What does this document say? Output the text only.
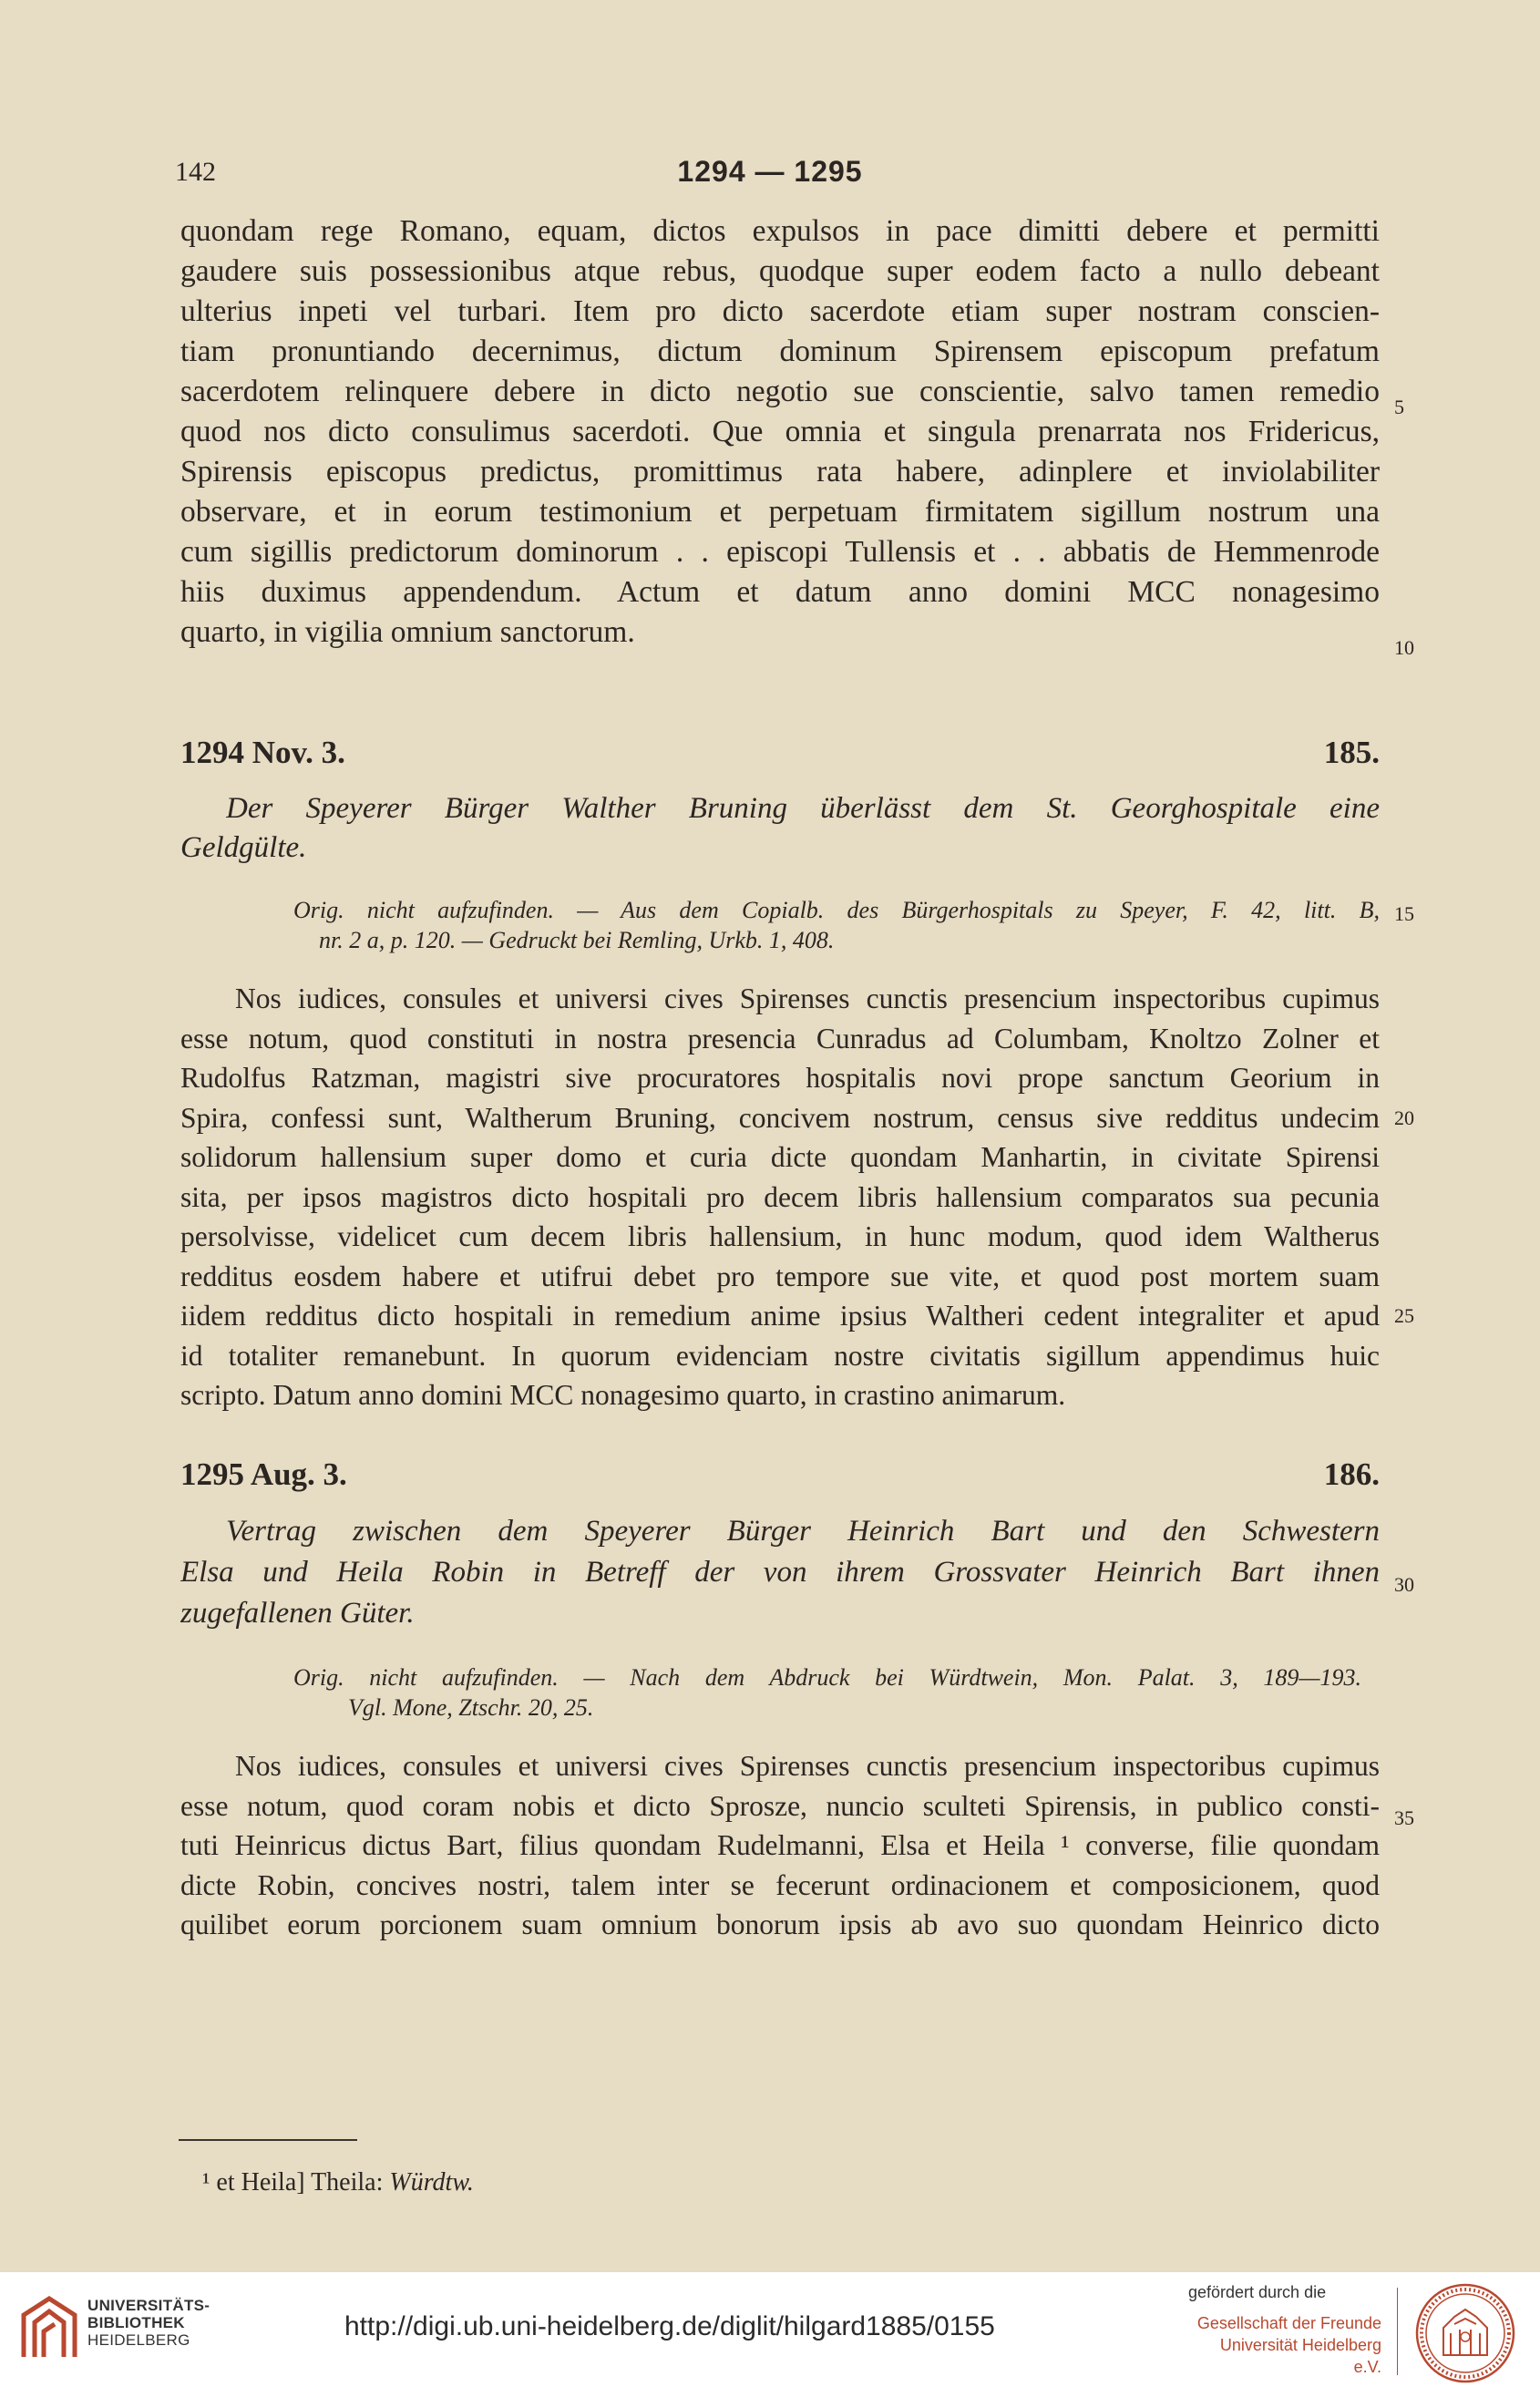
142	1294 — 1295
quondam rege Romano, equam, dictos expulsos in pace dimitti debere et permitti
gaudere suis possessionibus atque rebus, quodque super eodem facto a nullo debeant
ulterius inpeti vel turbari. Item pro dicto sacerdote etiam super nostram conscien-
tiam pronuntiando decernimus, dictum dominum Spirensem episcopum prefatum
sacerdotem relinquere debere in dicto negotio sue conscientie, salvo tamen remedio
quod nos dicto consulimus sacerdoti. Que omnia et singula prenarrata nos Fridericus,
Spirensis episcopus predictus, promittimus rata habere, adinplere et inviolabiliter
observare, et in eorum testimonium et perpetuam firmitatem sigillum nostrum una
cum sigillis predictorum dominorum . . episcopi Tullensis et . . abbatis de Hemmenrode
hiis duximus appendendum. Actum et datum anno domini MCC nonagesimo
quarto, in vigilia omnium sanctorum.
1294 Nov. 3.	185.
Der Speyerer Bürger Walther Bruning überlässt dem St. Georghospitale eine
Geldgülte.
Orig. nicht aufzufinden. — Aus dem Copialb. des Bürgerhospitals zu Speyer, F. 42, litt. B,
nr. 2 a, p. 120. — Gedruckt bei Remling, Urkb. 1, 408.
Nos iudices, consules et universi cives Spirenses cunctis presencium inspectoribus cupimus
esse notum, quod constituti in nostra presencia Cunradus ad Columbam, Knoltzo Zolner et
Rudolfus Ratzman, magistri sive procuratores hospitalis novi prope sanctum Georium in
Spira, confessi sunt, Waltherum Bruning, concivem nostrum, census sive redditus undecim
solidorum hallensium super domo et curia dicte quondam Manhartin, in civitate Spirensi
sita, per ipsos magistros dicto hospitali pro decem libris hallensium comparatos sua pecunia
persolvisse, videlicet cum decem libris hallensium, in hunc modum, quod idem Waltherus
redditus eosdem habere et utifrui debet pro tempore sue vite, et quod post mortem suam
iidem redditus dicto hospitali in remedium anime ipsius Waltheri cedent integraliter et apud
id totaliter remanebunt. In quorum evidenciam nostre civitatis sigillum appendimus huic
scripto. Datum anno domini MCC nonagesimo quarto, in crastino animarum.
1295 Aug. 3.	186.
Vertrag zwischen dem Speyerer Bürger Heinrich Bart und den Schwestern
Elsa und Heila Robin in Betreff der von ihrem Grossvater Heinrich Bart ihnen
zugefallenen Güter.
Orig. nicht aufzufinden. — Nach dem Abdruck bei Würdtwein, Mon. Palat. 3, 189—193.
Vgl. Mone, Ztschr. 20, 25.
Nos iudices, consules et universi cives Spirenses cunctis presencium inspectoribus cupimus
esse notum, quod coram nobis et dicto Sprosze, nuncio sculteti Spirensis, in publico consti-
tuti Heinricus dictus Bart, filius quondam Rudelmanni, Elsa et Heila ¹ converse, filie quondam
dicte Robin, concives nostri, talem inter se fecerunt ordinacionem et composicionem, quod
quilibet eorum porcionem suam omnium bonorum ipsis ab avo suo quondam Heinrico dicto
5
10
15
20
25
30
35
¹ et Heila] Theila: Würdtw.
UNIVERSITÄTS-
BIBLIOTHEK
HEIDELBERG	http://digi.ub.uni-heidelberg.de/diglit/hilgard1885/0155
gefördert durch die
Gesellschaft der Freunde
Universität Heidelberg e.V.
